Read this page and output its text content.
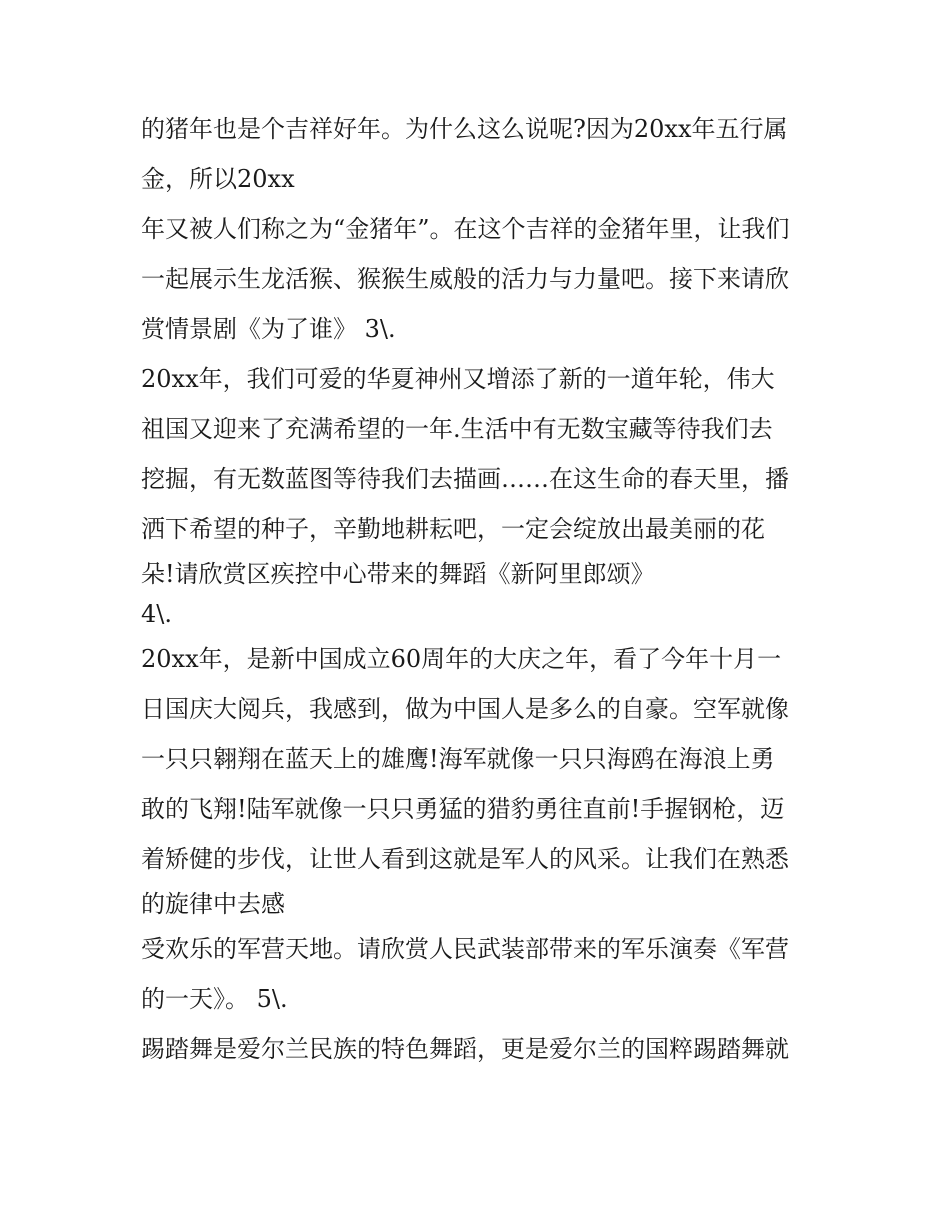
的猪年也是个吉祥好年。为什么这么说呢?因为20xx年五行属
金，所以20xx
年又被人们称之为“金猪年”。在这个吉祥的金猪年里，让我们
一起展示生龙活猴、猴猴生威般的活力与力量吧。接下来请欣
赏情景剧《为了谁》 3\.
20xx年，我们可爱的华夏神州又增添了新的一道年轮，伟大
祖国又迎来了充满希望的一年.生活中有无数宝藏等待我们去
挖掘，有无数蓝图等待我们去描画……在这生命的春天里，播
洒下希望的种子，辛勤地耕耘吧，一定会绽放出最美丽的花
朵!请欣赏区疾控中心带来的舞蹈《新阿里郎颂》
4\.
20xx年，是新中国成立60周年的大庆之年，看了今年十月一
日国庆大阅兵，我感到，做为中国人是多么的自豪。空军就像
一只只翱翔在蓝天上的雄鹰!海军就像一只只海鸥在海浪上勇
敢的飞翔!陆军就像一只只勇猛的猎豹勇往直前!手握钢枪，迈
着矫健的步伐，让世人看到这就是军人的风采。让我们在熟悉
的旋律中去感
受欢乐的军营天地。请欣赏人民武装部带来的军乐演奏《军营
的一天》。 5\.
踢踏舞是爱尔兰民族的特色舞蹈，更是爱尔兰的国粹踢踏舞就
